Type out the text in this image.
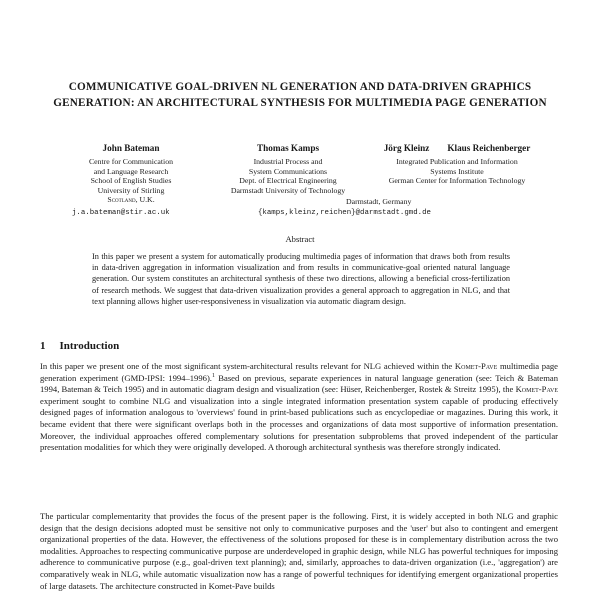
COMMUNICATIVE GOAL-DRIVEN NL GENERATION AND DATA-DRIVEN GRAPHICS GENERATION: AN ARCHITECTURAL SYNTHESIS FOR MULTIMEDIA PAGE GENERATION
John Bateman
Centre for Communication
and Language Research
School of English Studies
University of Stirling
Scotland, U.K.
Thomas Kamps
Industrial Process and
System Communications
Dept. of Electrical Engineering
Darmstadt University of Technology
Jörg Kleinz Klaus Reichenberger
Integrated Publication and Information
Systems Institute
German Center for Information Technology
Darmstadt, Germany
j.a.bateman@stir.ac.uk	{kamps,kleinz,reichen}@darmstadt.gmd.de
Abstract

In this paper we present a system for automatically producing multimedia pages of information that draws both from results in data-driven aggregation in information visualization and from results in communicative-goal oriented natural language generation. Our system constitutes an architectural synthesis of these two directions, allowing a beneficial cross-fertilization of research methods. We suggest that data-driven visualization provides a general approach to aggregation in NLG, and that text planning allows higher user-responsiveness in visualization via automatic diagram design.

1 Introduction

In this paper we present one of the most significant system-architectural results relevant for NLG achieved within the Komet-Pave multimedia page generation experiment (GMD-IPSI: 1994–1996).$^1$ Based on previous, separate experiences in natural language generation (see: Teich & Bateman 1994, Bateman & Teich 1995) and in automatic diagram design and visualization (see: Hüser, Reichenberger, Rostek & Streitz 1995), the Komet-Pave experiment sought to combine NLG and visualization into a single integrated information presentation system capable of producing effectively designed pages of information analogous to 'overviews' found in print-based publications such as encyclopediae or magazines. During this work, it became evident that there were significant overlaps both in the processes and organizations of data most supportive of information presentation. Moreover, the individual approaches offered complementary solutions for presentation subproblems that proved independent of the particular presentation modalities for which they were originally developed. A thorough architectural synthesis was therefore strongly indicated.

The particular complementarity that provides the focus of the present paper is the following. First, it is widely accepted in both NLG and graphic design that the design decisions adopted must be sensitive not only to communicative purposes and the 'user' but also to contingent and emergent organizational properties of the data. However, the effectiveness of the solutions proposed for these is in complementary distribution across the two modalities. Approaches to respecting communicative purpose are underdeveloped in graphic design, while NLG has powerful techniques for imposing adherence to communicative purpose (e.g., goal-driven text planning); and, similarly, approaches to data-driven organization (i.e., 'aggregation') are comparatively weak in NLG, while automatic visualization now has a range of powerful techniques for identifying emergent organizational properties of large datasets. The architecture constructed in Komet-Pave builds
